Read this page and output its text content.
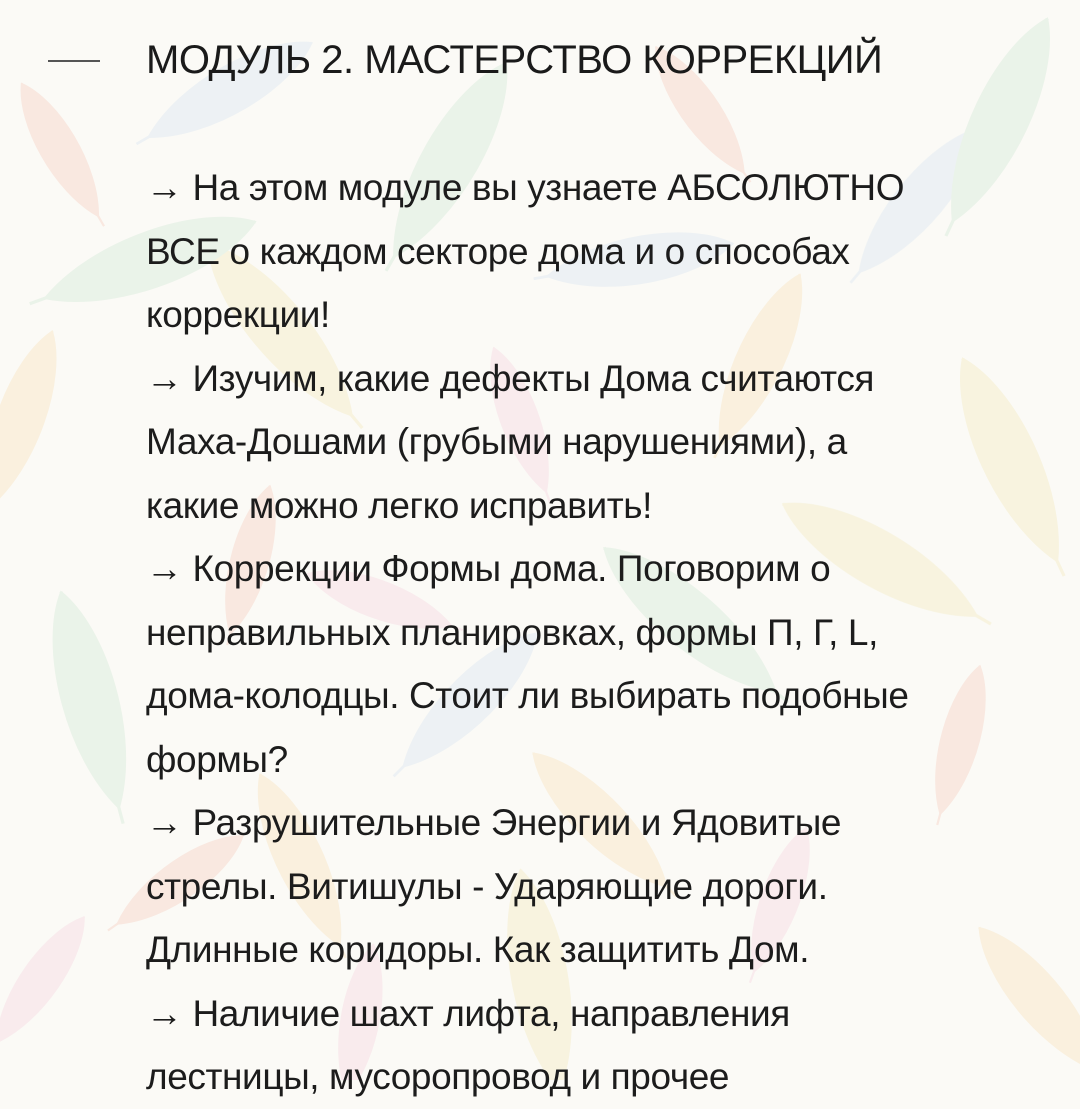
МОДУЛЬ 2. МАСТЕРСТВО КОРРЕКЦИЙ
→ На этом модуле вы узнаете АБСОЛЮТНО
ВСЕ о каждом секторе дома и о способах
коррекции!
→ Изучим, какие дефекты Дома считаются
Маха-Дошами (грубыми нарушениями), а
какие можно легко исправить!
→ Коррекции Формы дома. Поговорим о
неправильных планировках, формы П, Г, L,
дома-колодцы. Стоит ли выбирать подобные
формы?
→ Разрушительные Энергии и Ядовитые
стрелы. Витишулы - Ударяющие дороги.
Длинные коридоры. Как защитить Дом.
→ Наличие шахт лифта, направления
лестницы, мусоропровод и прочее
